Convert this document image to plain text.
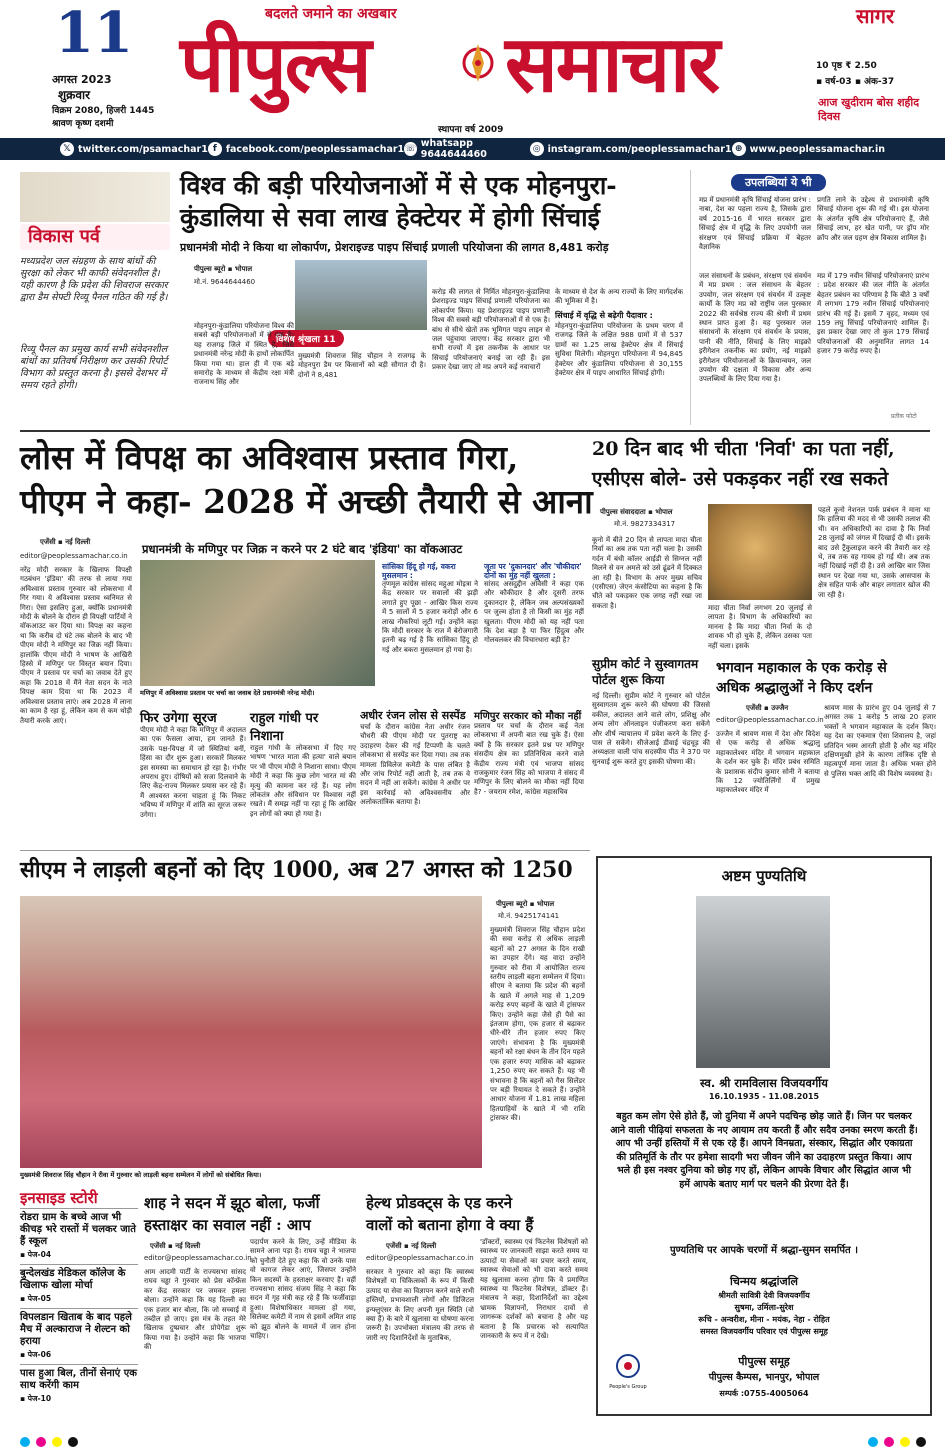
11
अगस्त 2023
शुक्रवार
विक्रम 2080, हिजरी 1445
श्रावण कृष्ण दशमी
बदलते जमाने का अखबार
पीपुल्स समाचार
स्थापना वर्ष 2009
सागर
10 पृष्ठ ₹ 2.50
▪ वर्ष-03 ▪ अंक-37
आज खुदीराम बोस शहीद दिवस
𝕏 twitter.com/psamachar1 f facebook.com/peoplessamachar1 ☏ whatsapp 9644644460	◎ instagram.com/peoplessamachar1 ⊕ www.peoplessamachar.in
विकास पर्व
मध्यप्रदेश जल संग्रहण के साथ बांधों की सुरक्षा को लेकर भी काफी संवेदनशील है। यही कारण है कि प्रदेश की शिवराज सरकार द्वारा डैम सेफ्टी रिव्यू पैनल गठित की गई है।
रिव्यू पैनल का प्रमुख कार्य सभी संवेदनशील बांधों का प्रतिवर्ष निरीक्षण कर उसकी रिपोर्ट विभाग को प्रस्तुत करना है। इससे देशभर में समय रहते होगी।
विश्व की बड़ी परियोजनाओं में से एक मोहनपुरा-
कुंडालिया से सवा लाख हेक्टेयर में होगी सिंचाई
प्रधानमंत्री मोदी ने किया था लोकार्पण, प्रेशराइज्ड पाइप सिंचाई प्रणाली परियोजना की लागत 8,481 करोड़
पीपुल्स ब्यूरो ▪ भोपाल
मो.नं. 9644644460
विशेष श्रृंखला 11
मोहनपुरा-कुंडालिया परियोजना विश्व की सबसे बड़ी परियोजनाओं में से एक है। यह राजगढ़ जिले में स्थित है, जिसे प्रधानमंत्री नरेन्द्र मोदी के हाथों लोकार्पित किया गया था। हाल ही में एक बड़े समारोह के माध्यम से केंद्रीय रक्षा मंत्री राजनाथ सिंह और
मुख्यमंत्री शिवराज सिंह चौहान ने राजगढ़ के मोहनपुरा डैम पर किसानों को बड़ी सौगात दी है। दोनों ने 8,481
करोड़ की लागत से निर्मित मोहनपुरा-कुंडालिया प्रेशराइज्ड पाइप सिंचाई प्रणाली परियोजना का लोकार्पण किया। यह प्रेशराइज्ड पाइप प्रणाली विश्व की सबसे बड़ी परियोजनाओं में से एक है। बांध से सीधे खेतों तक भूमिगत पाइप लाइन से जल पहुंचाया जाएगा। केंद्र सरकार द्वारा भी सभी राज्यों में इस तकनीक के आधार पर सिंचाई परियोजनाएं बनाई जा रही हैं। इस प्रकार देखा जाए तो मप्र अपने कई नवाचारों
के माध्यम से देश के अन्य राज्यों के लिए मार्गदर्शक की भूमिका में है।
सिंचाई में वृद्धि से बढ़ेगी पैदावार :
मोहनपुरा-कुंडालिया परियोजना के प्रथम चरण में राजगढ़ जिले के लक्षित 988 ग्रामों में से 537 ग्रामों का 1.25 लाख हेक्टेयर क्षेत्र में सिंचाई सुविधा मिलेगी। मोहनपुरा परियोजना में 94,845 हेक्टेयर और कुंडालिया परियोजना से 30,155 हेक्टेयर क्षेत्र में पाइप आधारित सिंचाई होगी।
उपलब्धियां ये भी
मप्र में प्रधानमंत्री कृषि सिंचाई योजना प्रारंभ : नाबा, देश का पहला राज्य है, जिसके द्वारा वर्ष 2015-16 में भारत सरकार द्वारा सिंचाई क्षेत्र में वृद्धि के लिए उपयोगी जल संरक्षण एवं सिंचाई प्रक्रिया में बेहतर वैज्ञानिक
जल संसाधनों के प्रबंधन, संरक्षण एवं संवर्धन में मप्र प्रथम : जल संसाधन के बेहतर उपयोग, जल संरक्षण एवं संवर्धन में उत्कृष्ट कार्यों के लिए मप्र को राष्ट्रीय जल पुरस्कार 2022 की सर्वश्रेष्ठ राज्य की श्रेणी में प्रथम स्थान प्राप्त हुआ है। यह पुरस्कार जल संसाधनों के संरक्षण एवं संवर्धन के प्रयास, पानी की नीति, सिंचाई के लिए माइक्रो इरीगेशन तकनीक का प्रयोग, नई माइक्रो इरीगेशन परियोजनाओं के क्रियान्वयन, जल उपयोग की दक्षता में विकास और अन्य उपलब्धियों के लिए दिया गया है।
प्रगति लाने के उद्देश्य से प्रधानमंत्री कृषि सिंचाई योजना शुरू की गई थी। इस योजना के अंतर्गत कृषि क्षेत्र परियोजनाएं हैं, जैसे सिंचाई लाभ, हर खेत पानी, पर ड्रॉप मोर क्रॉप और जल ग्रहण क्षेत्र विकास शामिल है।
मप्र में 179 नवीन सिंचाई परियोजनाएं प्रारंभ : प्रदेश सरकार की जल नीति के अंतर्गत बेहतर प्रबंधन का परिणाम है कि बीते 3 वर्षों में लगभग 179 नवीन सिंचाई परियोजनाएं प्रारंभ की गई हैं। इसमें 7 वृहद, मध्यम एवं 159 लघु सिंचाई परियोजनाएं शामिल हैं। इस प्रकार देखा जाए तो कुल 179 सिंचाई परियोजनाओं की अनुमानित लागत 14 हजार 79 करोड़ रुपए है।
प्रतीक फोटो
लोस में विपक्ष का अविश्वास प्रस्ताव गिरा,
पीएम ने कहा- 2028 में अच्छी तैयारी से आना
एजेंसी ▪ नई दिल्ली
editor@peoplessamachar.co.in प्रधानमंत्री के मणिपुर पर जिक्र न करने पर 2 घंटे बाद 'इंडिया' का वॉकआउट
नरेंद्र मोदी सरकार के खिलाफ विपक्षी गठबंधन 'इंडिया' की तरफ से लाया गया अविश्वास प्रस्ताव गुरुवार को लोकसभा में गिर गया। ये अविश्वास प्रस्ताव ध्वनिमत से गिरा। ऐसा इसलिए हुआ, क्योंकि प्रधानमंत्री मोदी के बोलने के दौरान ही विपक्षी पार्टियों ने वॉकआउट कर दिया था। विपक्ष का कहना था कि करीब दो घंटे तक बोलने के बाद भी पीएम मोदी ने मणिपुर का जिक्र नहीं किया। हालांकि पीएम मोदी ने भाषण के आखिरी हिस्से में मणिपुर पर विस्तृत बयान दिया। पीएम ने प्रस्ताव पर चर्चा का जवाब देते हुए कहा कि 2018 में मैंने नेता सदन के नाते विपक्ष काम दिया था कि 2023 में अविश्वास प्रस्ताव लाएं। अब 2028 में लाना का काम है रहा हूं, लेकिन कम से कम थोड़ी तैयारी करके आएं।
मणिपुर में अविश्वास प्रस्ताव पर चर्चा का जवाब देते प्रधानमंत्री नरेन्द्र मोदी।
सांसिका हिंदू हो गई, वकरा मुसलमान :
तृणमूल कांग्रेस सांसद महुआ मोइत्रा ने केंद्र सरकार पर सवालों की झड़ी लगाते हुए पूछा - आखिर किस राज्य में 5 सालों में 5 हजार करोड़ों और 6 लाख नौकरियां लूटी गई। उन्होंने कहा कि मोदी सरकार के राज में बेरोजगारी इतनी बढ़ गई है कि सांसिका हिंदू हो गई और बकरा मुसलमान हो गया है।
जूता पर 'दुकानदार' और 'चौकीदार' दोनों का मुंह नहीं खुलता :
सांसद असदुद्दीन ओवैसी ने कहा एक और कौकीदार है और दूसरी तरफ दुकानदार है, लेकिन जब अल्पसंख्यकों पर जुल्म होता है तो किसी का मुंह नहीं खुलता। पीएम मोदी को यह नहीं पता कि देश बड़ा है या फिर हिंदुत्व और गोलवलकर की विचारधारा बड़ी है?
फिर उगेगा सूरज
पीएम मोदी ने कहा कि मणिपुर में अदालत का एक फैसला आया, हम जानते हैं। उसके पक्ष-विपक्ष में जो स्थितियां बनीं, हिंसा का दौर शुरू हुआ। सरकारें मिलकर इस समस्या का समाधान हो रहा है। गंभीर अपराध हुए। दोषियों को सजा दिलवाने के लिए केंद्र-राज्य मिलकर प्रयास कर रहे हैं। मैं आश्वस्त करना चाहता हूं कि निकट भविष्य में मणिपुर में शांति का सूरज जरूर उगेगा।
राहुल गांधी पर निशाना
राहुल गांधी के लोकसभा में दिए गए भाषण 'भारत माता की हत्या' वाले बयान पर भी पीएम मोदी ने निशाना साधा। पीएम मोदी ने कहा कि कुछ लोग भारत मां की मृत्यु की कामना कर रहे हैं। यह लोग लोकतंत्र और संविधान पर विश्वास नहीं रखते। मैं समझ नहीं पा रहा हूं कि आखिर इन लोगों को क्या हो गया है।
अधीर रंजन लोस से सस्पेंड
चर्चा के दौरान कांग्रेस नेता अधीर रंजन चौधरी की पीएम मोदी पर पुतराष्ट्र का उदाहरण देकर की गई टिप्पणी के चलते लोकसभा से सस्पेंड कर दिया गया। तब तक मामला प्रिविलेज कमेटी के पास लंबित है और जांच रिपोर्ट नहीं आती है, तब तक वे सदन में नहीं आ सकेंगे। कांग्रेस ने अधीर पर इस कार्रवाई को अविश्वसनीय और अलोकतांत्रिक बताया है।
मणिपुर सरकार को मौका नहीं
प्रस्ताव पर चर्चा के दौरान कई नेता लोकसभा में अपनी बात रख चुके हैं। ऐसा क्यों है कि सरकार इतने प्रश्न पर मणिपुर संसदीय क्षेत्र का प्रतिनिधित्व करने वाले केंद्रीय राज्य मंत्री एवं भाजपा सांसद राजकुमार रंजन सिंह को भाजपा ने संसद में मणिपुर के लिए बोलने का मौका नहीं दिया है? - जयराम रमेश, कांग्रेस महासचिव
20 दिन बाद भी चीता 'निर्वा' का पता नहीं,
एसीएस बोले- उसे पकड़कर नहीं रख सकते
पीपुल्स संवाददाता ▪ भोपाल
मो.नं. 9827334317
कूनो में बीते 20 दिन से लापता मादा चीता निर्वा का अब तक पता नहीं चला है। उसकी गर्दन में बंधी कॉलर आईडी से सिग्नल नहीं मिलने से वन अमले को उसे ढूंढने में दिक्कत आ रही है। विभाग के अपर मुख्य सचिव (एसीएस) जेएन कंसोटिया का कहना है कि चीते को पकड़कर एक जगह नहीं रखा जा सकता है।	मादा चीता निर्वा लगभग 20 जुलाई से लापता है। विभाग के अधिकारियों का मानना है कि मादा चीता निर्वा के दो शावक भी हो चुके हैं, लेकिन उसका पता नहीं चला। इसके
पहले कूनो नेशनल पार्क प्रबंधन ने माना था कि हालिया की मदद से भी उसकी तलाश की थी। वन अधिकारियों का दावा है कि निर्वा 28 जुलाई को जंगल में दिखाई दी थी। इसके बाद उसे ट्रैंकुलाइज करने की तैयारी कर रहे थे, तब तक वह गायब हो गई थी। अब तक नहीं दिखाई नहीं दी है। उसे आखिर बार जिस स्थान पर देखा गया था, उसके आसपास के क्षेत्र सहित पार्क और बाहर लगातार खोज की जा रही है।
सुप्रीम कोर्ट ने सुस्वागतम पोर्टल शुरू किया
नई दिल्ली। सुप्रीम कोर्ट ने गुरुवार को पोर्टल सुस्वागतम शुरू करने की घोषणा की जिससे वकील, अदालत आने वाले लोग, प्रशिक्षु और अन्य लोग ऑनलाइन पंजीकरण करा सकेंगे और शीर्ष न्यायालय में प्रवेश करने के लिए ई-पास ले सकेंगे। सीजेआई डीवाई चंद्रचूड़ की अध्यक्षता वाली पांच सदस्यीय पीठ ने 370 पर सुनवाई शुरू करते हुए इसकी घोषणा की।
भगवान महाकाल के एक करोड़ से
अधिक श्रद्धालुओं ने किए दर्शन
एजेंसी ▪ उज्जैन
editor@peoplessamachar.co.in
उज्जैन में श्रावण मास में देश और विदेश से एक करोड़ से अधिक श्रद्धालु महाकालेश्वर मंदिर में भगवान महाकाल के दर्शन कर चुके हैं। मंदिर प्रबंध समिति के प्रशासक संदीप कुमार सोनी ने बताया कि 12 ज्योतिर्लिंगों में प्रमुख महाकालेश्वर मंदिर में
श्रावण मास के प्रारंभ हुए 04 जुलाई से 7 अगस्त तक 1 करोड़ 5 लाख 20 हजार भक्तों ने भगवान महाकाल के दर्शन किए। यह देश का एकमात्र ऐसा शिवालय है, जहां प्रतिदिन भस्म आरती होती है और यह मंदिर दक्षिणमुखी होने के कारण तांत्रिक दृष्टि से महत्वपूर्ण माना जाता है। अधिक भक्त होने से पुलिस भक्त आदि की विशेष व्यवस्था है।
सीएम ने लाड़ली बहनों को दिए 1000, अब 27 अगस्त को 1250
मुख्यमंत्री शिवराज सिंह चौहान ने रीवा में गुरुवार को लाड़ली बहना सम्मेलन में लोगों को संबोधित किया।
पीपुल्स ब्यूरो ▪ भोपाल
मो.नं. 9425174141
मुख्यमंत्री शिवराज सिंह चौहान प्रदेश की सवा करोड़ से अधिक लाड़ली बहनों को 27 अगस्त के दिन राखी का उपहार देंगे। यह वादा उन्होंने गुरुवार को रीवा में आयोजित राज्य स्तरीय लाड़ली बहना सम्मेलन में दिया। सीएम ने बताया कि प्रदेश की बहनों के खाते में अगले माह से 1,209 करोड़ रुपए बहनों के खाते में ट्रांसफर किए। उन्होंने कहा जैसे ही पैसे का इंतजाम होगा, एक हजार से बढ़ाकर धीरे-धीरे तीन हजार रुपए किए जाएंगे। संभावना है कि मुख्यमंत्री बहनों को रक्षा बंधन के तीन दिन पहले एक हजार रुपए मासिक को बढ़ाकर 1,250 रुपए कर सकते हैं। यह भी संभावना है कि बहनों को गैस सिलेंडर पर बड़ी रियायत दे सकते हैं। उन्होंने आधार योजना में 1.81 लाख महिला हितग्राहियों के खाते में भी राशि ट्रांसफर की।
अष्टम पुण्यतिथि
स्व. श्री रामविलास विजयवर्गीय
16.10.1935 - 11.08.2015
बहुत कम लोग ऐसे होते हैं, जो दुनिया में अपने पदचिन्ह छोड़ जाते हैं। जिन पर चलकर आने वाली पीढ़ियां सफलता के नए आयाम तय करती हैं और सदैव उनका स्मरण करती हैं। आप भी उन्हीं हस्तियों में से एक रहे हैं। आपने विनम्रता, संस्कार, सिद्धांत और एकाग्रता की प्रतिमूर्ति के तौर पर हमेशा सादगी भरा जीवन जीने का उदाहरण प्रस्तुत किया। आप भले ही इस नश्वर दुनिया को छोड़ गए हों, लेकिन आपके विचार और सिद्धांत आज भी हमें आपके बताए मार्ग पर चलने की प्रेरणा देते हैं।
पुण्यतिथि पर आपके चरणों में श्रद्धा-सुमन समर्पित ।
चिन्मय श्रद्धांजलि
श्रीमती सावित्री देवी विजयवर्गीय
सुषमा, उर्मिला-सुरेश
रूचि - अन्वरीश, मीना - मयंक, नेहा - रोहित
समस्त विजयवर्गीय परिवार एवं पीपुल्स समूह
People's Group
पीपुल्स समूह
पीपुल्स कैम्पस, भानपुर, भोपाल
सम्पर्क :0755-4005064
इनसाइड स्टोरी
रोडरा ग्राम के बच्चे आज भी कीचड़ भरे रास्तों में चलकर जाते हैं स्कूल
▪ पेज-04
बुन्देलखंड मेडिकल कॉलेज के खिलाफ खोला मोर्चा
▪ पेज-05
विपलडान खिताब के बाद पहले मैच में अल्काराज ने शेल्टन को हराया
▪ पेज-06
पास हुआ बिल, तीनों सेनाएं एक साथ करेंगी काम
▪ पेज-10
शाह ने सदन में झूठ बोला, फर्जी
हस्ताक्षर का सवाल नहीं : आप
एजेंसी ▪ नई दिल्ली
editor@peoplessamachar.co.in
आम आदमी पार्टी के राज्यसभा सांसद राघव चड्ढा ने गुरुवार को प्रेस कॉन्फ्रेंस कर केंद्र सरकार पर जमकर हमला बोला। उन्होंने कहा कि यह दिल्ली का एक हजार बार बोला, कि जो सच्चाई में तब्दील हो जाए। इस मंत्र के तहत मेरे खिलाफ दुष्प्रचार और प्रोपेगेंडा शुरू किया गया है। उन्होंने कहा कि भाजपा की
पदार्पण करने के लिए, उन्हें मीडिया के सामने आना पड़ा है। राघव चड्ढा ने भाजपा को चुनौती देते हुए कहा कि वो उनके पास वो कागज लेकर आएं, जिसपर उन्होंने किन सदस्यों के हस्ताक्षर करवाए हैं। वहीं राज्यसभा सांसद संजय सिंह ने कहा कि सदन में गृह मंत्री कह रहे हैं कि फर्जीवाड़ा हुआ। विशेषाधिकार मामला हो गया, सिलेक्ट कमेटी में नाम से इसमें अमित शाह को झूठ बोलने के मामले में जान होना चाहिए।
हेल्थ प्रोडक्ट्स के एड करने
वालों को बताना होगा वे क्या हैं
एजेंसी ▪ नई दिल्ली
editor@peoplessamachar.co.in
सरकार ने गुरुवार को कहा कि स्वास्थ्य विशेषज्ञों या चिकित्सकों के रूप में किसी उत्पाद या सेवा का विज्ञापन करने वाले सभी हस्तियों, प्रभावशाली लोगों और डिजिटल इन्फ्लुएंसर के लिए अपनी मूल स्थिति (वो क्या हैं) के बारे में खुलासा या घोषणा करना जरूरी है। उपभोक्ता मंत्रालय की तरफ से जारी नए दिशानिर्देशों के मुताबिक,
'डॉक्टरों, स्वास्थ्य एवं फिटनेस विशेषज्ञों को स्वास्थ्य पर जानकारी साझा करते समय या उत्पादों या सेवाओं का प्रचार करते समय, स्वास्थ्य सेवाओं को भी दावा करते समय यह खुलासा करना होगा कि वे प्रमाणित स्वास्थ्य या फिटनेस विशेषज्ञ, डॉक्टर हैं। मंत्रालय ने कहा, दिशानिर्देशों का उद्देश्य भ्रामक विज्ञापनों, निराधार दावों से जागरूक दर्शकों को बचाना है और यह बताना है कि प्रचारक को सत्यापित जानकारी के रूप में न देखें।
